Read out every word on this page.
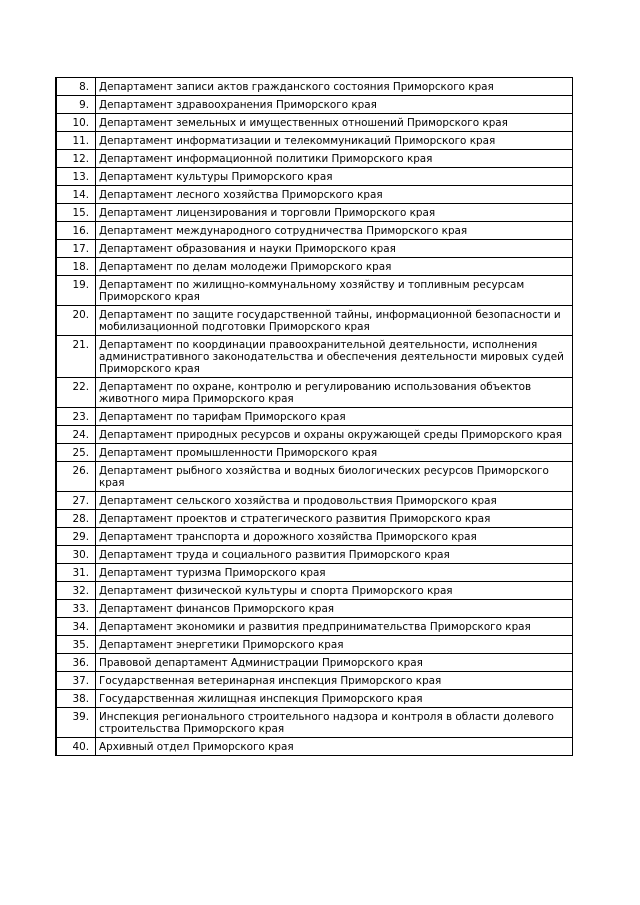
8.	Департамент записи актов гражданского состояния Приморского края
9.	Департамент здравоохранения Приморского края
10.	Департамент земельных и имущественных отношений Приморского края
11.	Департамент информатизации и телекоммуникаций Приморского края
12.	Департамент информационной политики Приморского края
13.	Департамент культуры Приморского края
14.	Департамент лесного хозяйства Приморского края
15.	Департамент лицензирования и торговли Приморского края
16.	Департамент международного сотрудничества Приморского края
17.	Департамент образования и науки Приморского края
18.	Департамент по делам молодежи Приморского края
19.	Департамент по жилищно-коммунальному хозяйству и топливным ресурсам Приморского края
20.	Департамент по защите государственной тайны, информационной безопасности и мобилизационной подготовки Приморского края
21.	Департамент по координации правоохранительной деятельности, исполнения административного законодательства и обеспечения деятельности мировых судей Приморского края
22.	Департамент по охране, контролю и регулированию использования объектов животного мира Приморского края
23.	Департамент по тарифам Приморского края
24.	Департамент природных ресурсов и охраны окружающей среды Приморского края
25.	Департамент промышленности Приморского края
26.	Департамент рыбного хозяйства и водных биологических ресурсов Приморского края
27.	Департамент сельского хозяйства и продовольствия Приморского края
28.	Департамент проектов и стратегического развития Приморского края
29.	Департамент транспорта и дорожного хозяйства Приморского края
30.	Департамент труда и социального развития Приморского края
31.	Департамент туризма Приморского края
32.	Департамент физической культуры и спорта Приморского края
33.	Департамент финансов Приморского края
34.	Департамент экономики и развития предпринимательства Приморского края
35.	Департамент энергетики Приморского края
36.	Правовой департамент Администрации Приморского края
37.	Государственная ветеринарная инспекция Приморского края
38.	Государственная жилищная инспекция Приморского края
39.	Инспекция регионального строительного надзора и контроля в области долевого строительства Приморского края
40.	Архивный отдел Приморского края
